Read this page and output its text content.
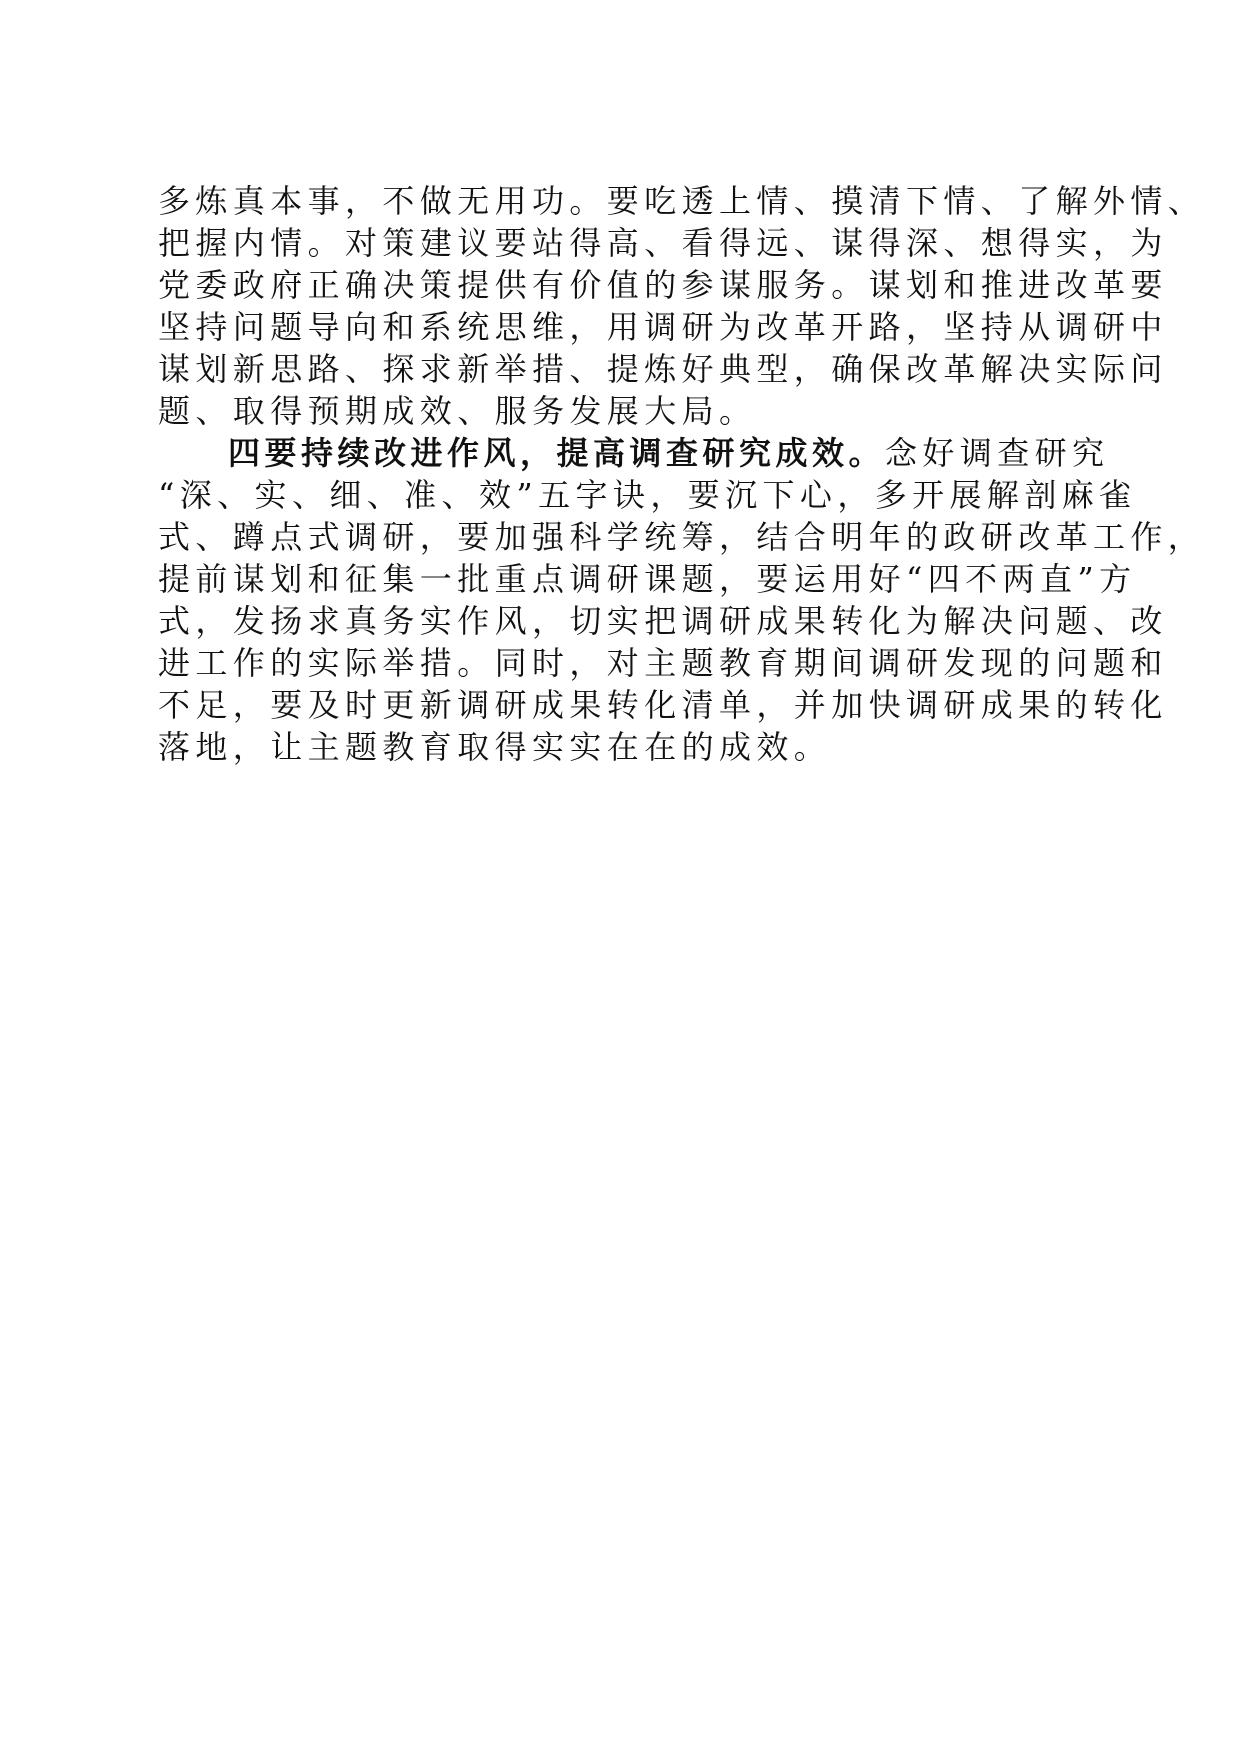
多炼真本事，不做无用功。要吃透上情、摸清下情、了解外情、

把握内情。对策建议要站得高、看得远、谋得深、想得实，为

党委政府正确决策提供有价值的参谋服务。谋划和推进改革要

坚持问题导向和系统思维，用调研为改革开路，坚持从调研中

谋划新思路、探求新举措、提炼好典型，确保改革解决实际问

题、取得预期成效、服务发展大局。

四要持续改进作风，提高调查研究成效。念好调查研究

“深、实、细、准、效”五字诀，要沉下心，多开展解剖麻雀

式、蹲点式调研，要加强科学统筹，结合明年的政研改革工作，

提前谋划和征集一批重点调研课题，要运用好“四不两直”方

式，发扬求真务实作风，切实把调研成果转化为解决问题、改

进工作的实际举措。同时，对主题教育期间调研发现的问题和

不足，要及时更新调研成果转化清单，并加快调研成果的转化

落地，让主题教育取得实实在在的成效。
